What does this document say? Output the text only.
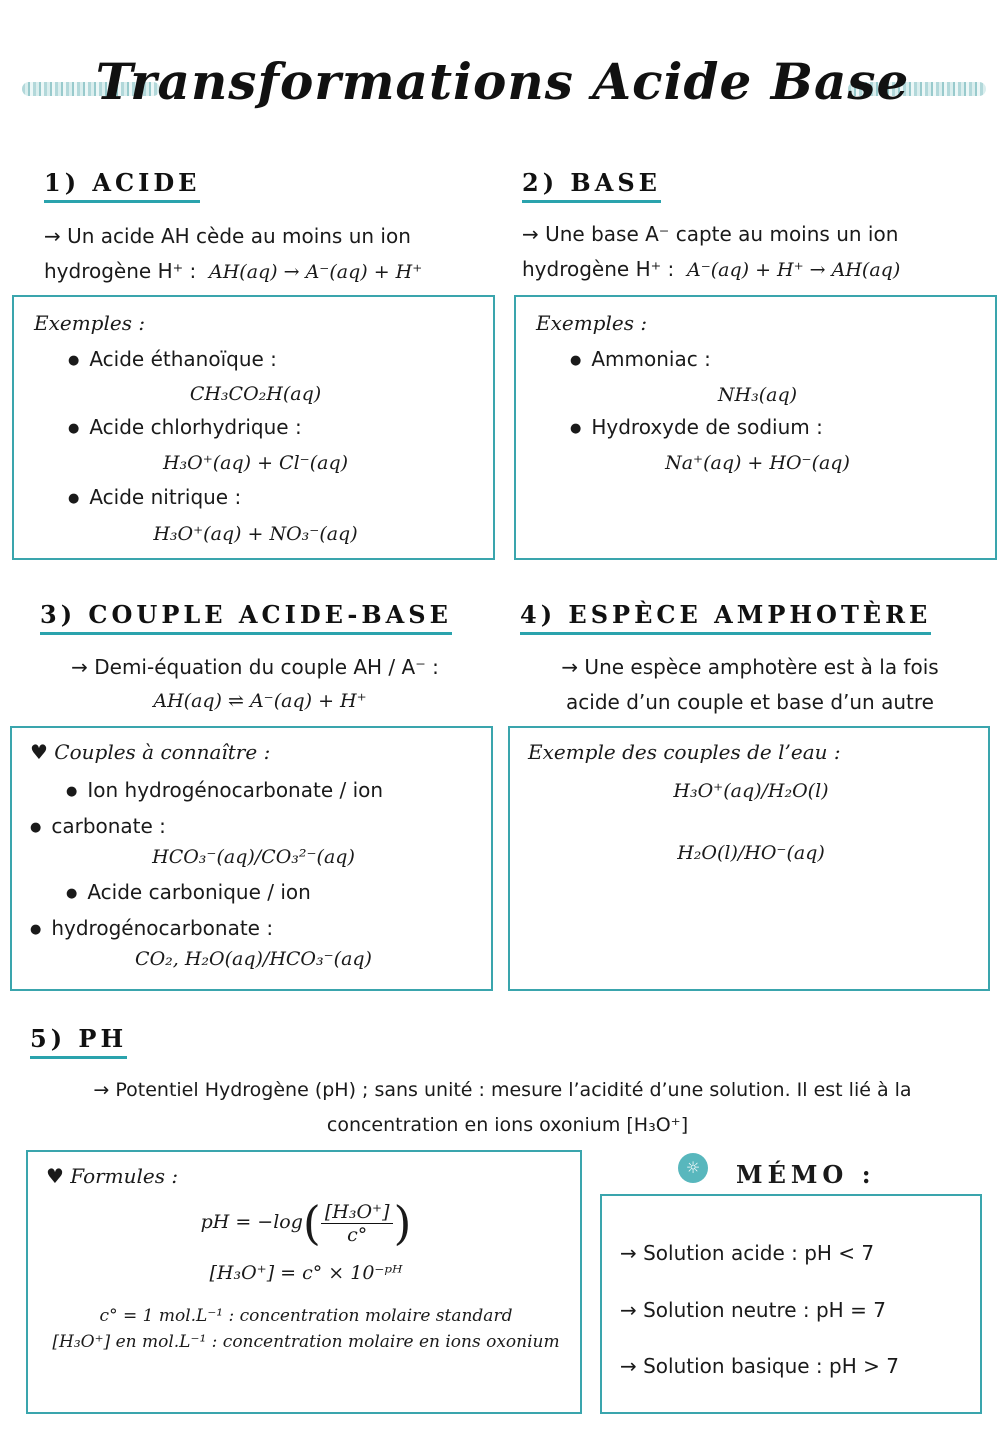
Transformations Acide Base
1) ACIDE
→ Un acide AH cède au moins un ion
hydrogène H⁺ : AH(aq) → A⁻(aq) + H⁺
Exemples :
● Acide éthanoïque :
CH₃CO₂H(aq)
● Acide chlorhydrique :
H₃O⁺(aq) + Cl⁻(aq)
● Acide nitrique :
H₃O⁺(aq) + NO₃⁻(aq)
2) BASE
→ Une base A⁻ capte au moins un ion
hydrogène H⁺ : A⁻(aq) + H⁺ → AH(aq)
Exemples :
● Ammoniac :
NH₃(aq)
● Hydroxyde de sodium :
Na⁺(aq) + HO⁻(aq)
3) COUPLE ACIDE-BASE
→ Demi-équation du couple AH / A⁻ :
AH(aq) ⇌ A⁻(aq) + H⁺
♥ Couples à connaître :
● Ion hydrogénocarbonate / ion
● carbonate :
HCO₃⁻(aq)/CO₃²⁻(aq)
● Acide carbonique / ion
● hydrogénocarbonate :
CO₂, H₂O(aq)/HCO₃⁻(aq)
4) ESPÈCE AMPHOTÈRE
→ Une espèce amphotère est à la fois
acide d’un couple et base d’un autre
Exemple des couples de l’eau :
H₃O⁺(aq)/H₂O(l)
H₂O(l)/HO⁻(aq)
5) PH
→ Potentiel Hydrogène (pH) ; sans unité : mesure l’acidité d’une solution. Il est lié à la
concentration en ions oxonium [H₃O⁺]
♥ Formules :
pH = $-\log( \frac{\text{[H₃O⁺]}}{c^\circ}$ )
[H₃O⁺] = c° × 10⁻ᵖᴴ
c° = 1 mol.L⁻¹ : concentration molaire standard
[H₃O⁺] en mol.L⁻¹ : concentration molaire en ions oxonium
☼	MÉMO :
→ Solution acide : pH < 7
→ Solution neutre : pH = 7
→ Solution basique : pH > 7
